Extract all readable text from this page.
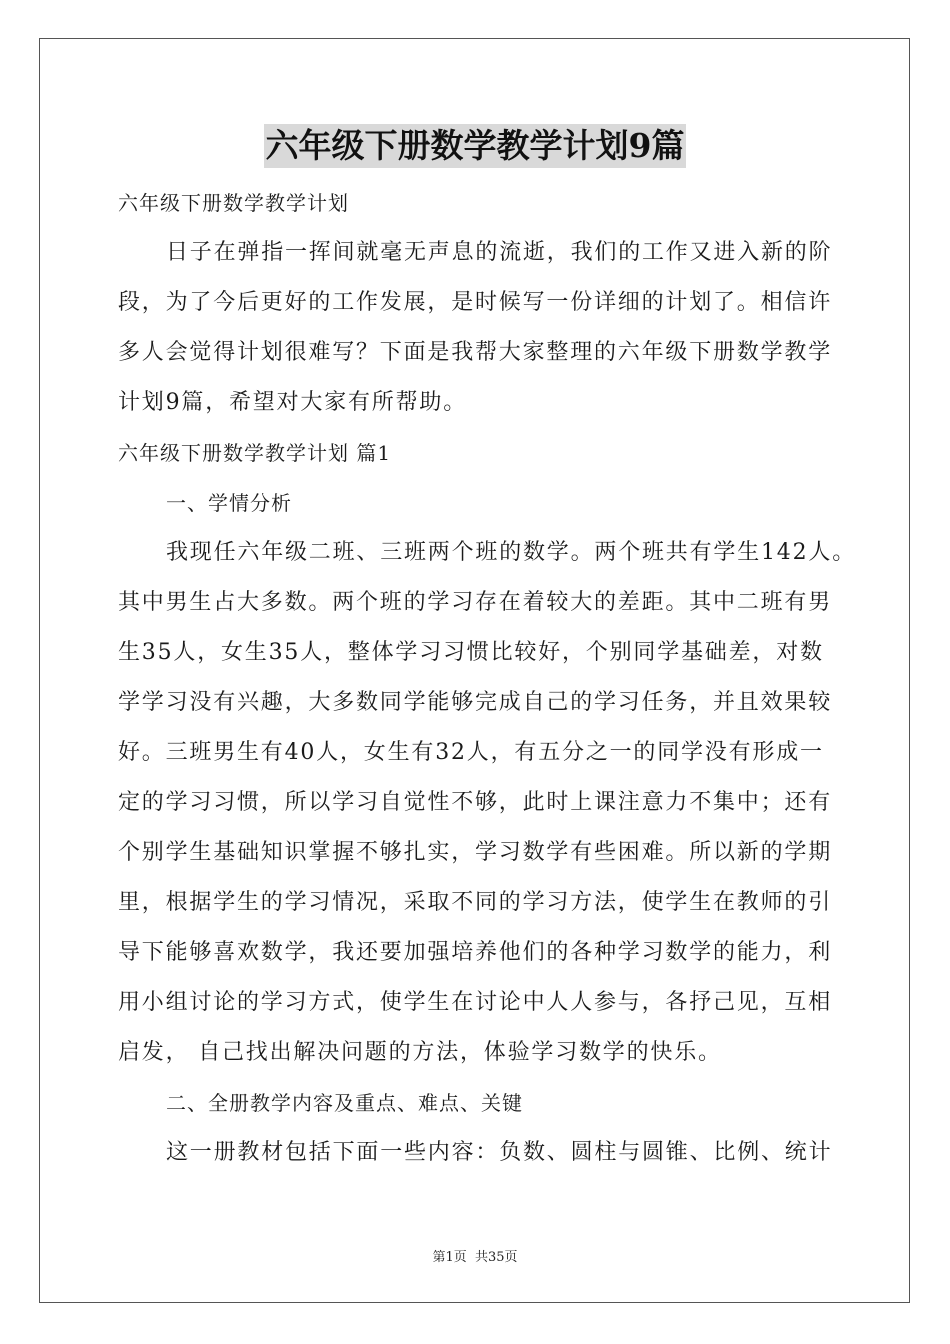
六年级下册数学教学计划9篇
六年级下册数学教学计划
日子在弹指一挥间就毫无声息的流逝，我们的工作又进入新的阶
段，为了今后更好的工作发展，是时候写一份详细的计划了。相信许
多人会觉得计划很难写？下面是我帮大家整理的六年级下册数学教学
计划9篇，希望对大家有所帮助。
六年级下册数学教学计划 篇1
一、学情分析
我现任六年级二班、三班两个班的数学。两个班共有学生142人。
其中男生占大多数。两个班的学习存在着较大的差距。其中二班有男
生35人，女生35人，整体学习习惯比较好，个别同学基础差，对数
学学习没有兴趣，大多数同学能够完成自己的学习任务，并且效果较
好。三班男生有40人，女生有32人，有五分之一的同学没有形成一
定的学习习惯，所以学习自觉性不够，此时上课注意力不集中；还有
个别学生基础知识掌握不够扎实，学习数学有些困难。所以新的学期
里，根据学生的学习情况，采取不同的学习方法，使学生在教师的引
导下能够喜欢数学，我还要加强培养他们的各种学习数学的能力，利
用小组讨论的学习方式，使学生在讨论中人人参与，各抒己见，互相
启发， 自己找出解决问题的方法，体验学习数学的快乐。
二、全册教学内容及重点、难点、关键
这一册教材包括下面一些内容：负数、圆柱与圆锥、比例、统计
第1页 共35页
